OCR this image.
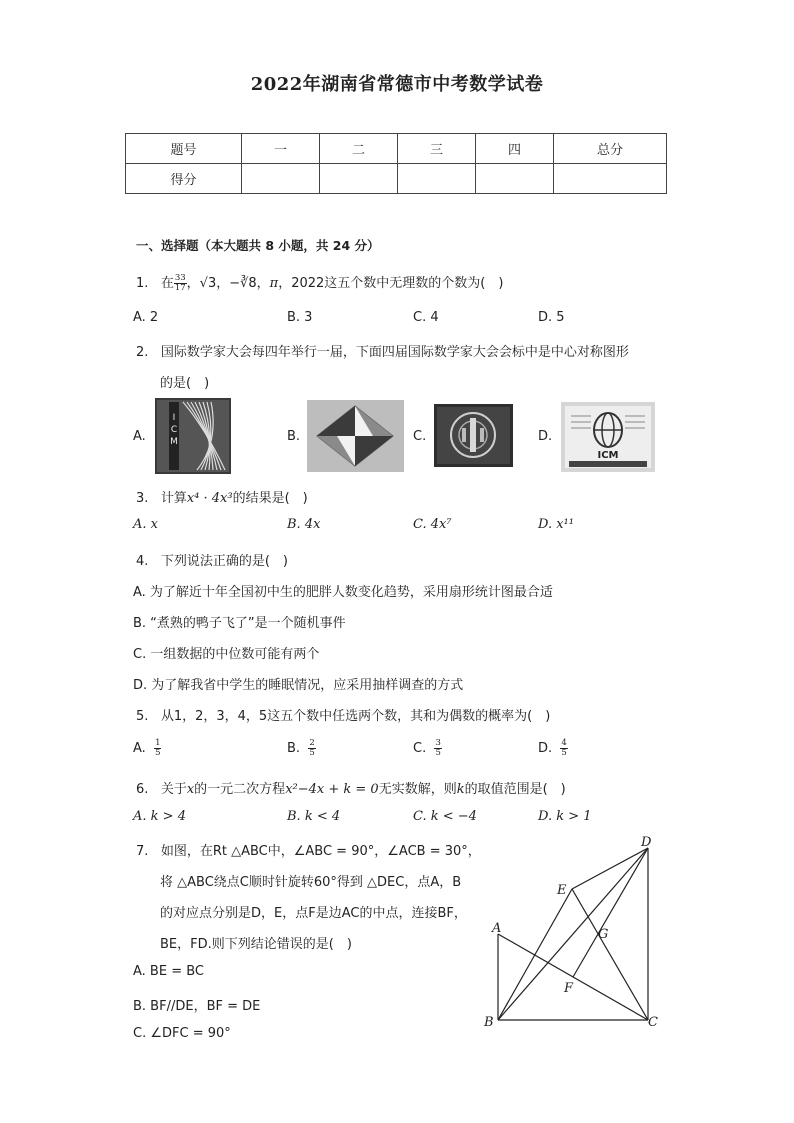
2022年湖南省常德市中考数学试卷
题号	一	二	三	四	总分
得分					
一、选择题（本大题共 8 小题，共 24 分）
1. 在 $\frac{33}{17}$ ，√3，−∛8，π，2022这五个数中无理数的个数为(　)
A. 2	B. 3	C. 4	D. 5
2. 国际数学家大会每四年举行一届，下面四届国际数学家大会会标中是中心对称图形
的是(　)
A.
I
C
M	B.	C.	D.
ICM
3. 计算x⁴ · 4x³的结果是(　)
A. x	B. 4x	C. 4x⁷	D. x¹¹
4. 下列说法正确的是(　)
A. 为了解近十年全国初中生的肥胖人数变化趋势，采用扇形统计图最合适
B. “煮熟的鸭子飞了”是一个随机事件
C. 一组数据的中位数可能有两个
D. 为了解我省中学生的睡眠情况，应采用抽样调查的方式
5. 从1，2，3，4，5这五个数中任选两个数，其和为偶数的概率为(　)
A. $\frac{1}{5}$	B. $\frac{2}{5}$	C. $\frac{3}{5}$	D. $\frac{4}{5}$
6. 关于x的一元二次方程x²−4x + k = 0无实数解，则k的取值范围是(　)
A. k > 4	B. k < 4	C. k < −4	D. k > 1
7. 如图，在Rt △ABC中，∠ABC = 90°，∠ACB = 30°，
将 △ABC绕点C顺时针旋转60°得到 △DEC，点A，B
的对应点分别是D，E，点F是边AC的中点，连接BF，
BE，FD.则下列结论错误的是(　)
A. BE = BC
B. BF//DE，BF = DE
C. ∠DFC = 90°
A
B	C
D
E
F
G
